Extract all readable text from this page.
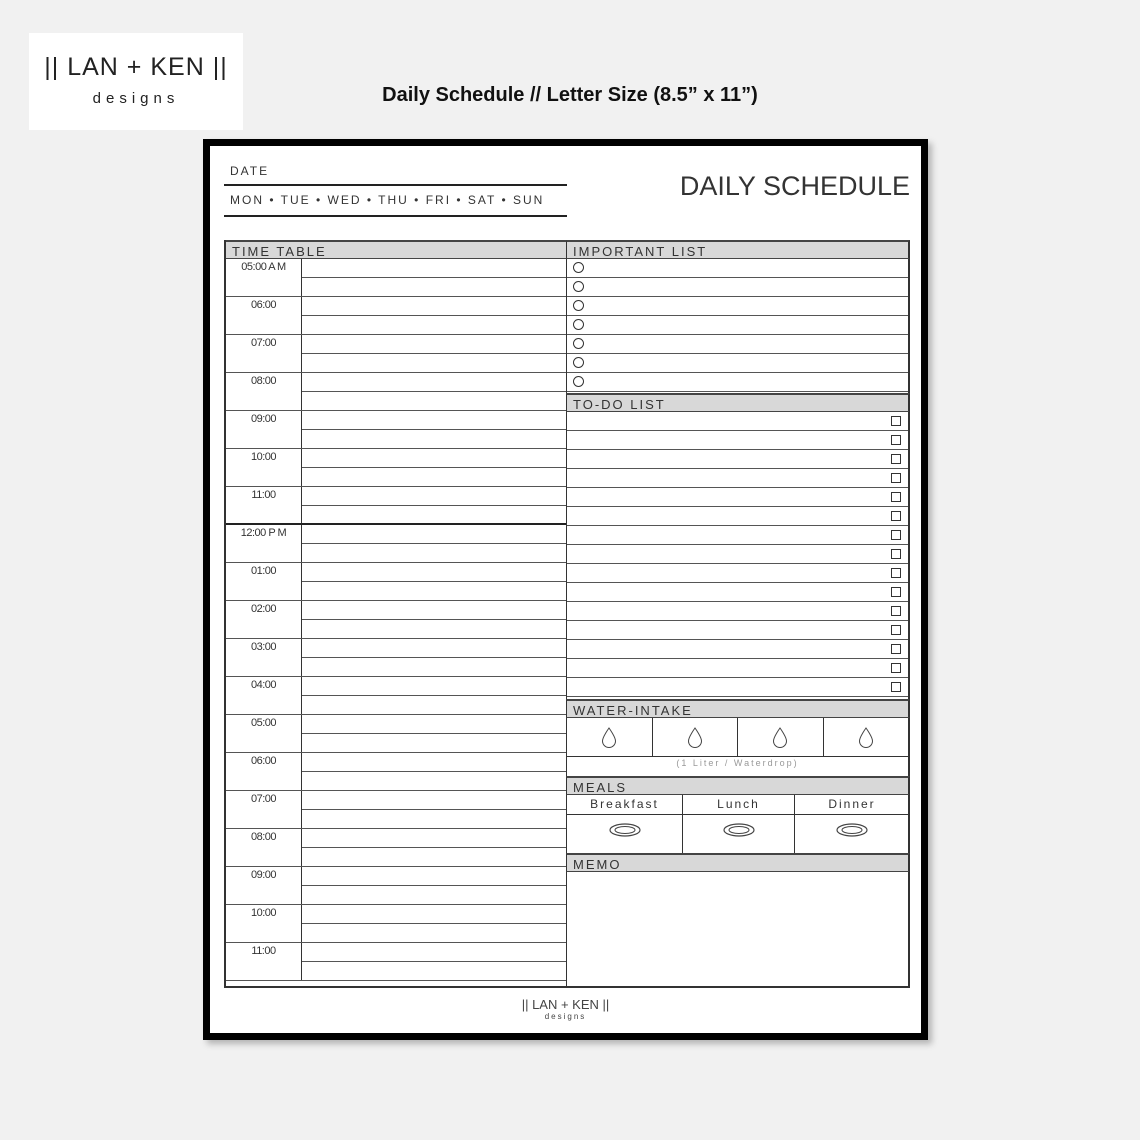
|| LAN + KEN ||
designs	Daily Schedule // Letter Size (8.5” x 11”)
DATE
MON • TUE • WED • THU • FRI • SAT • SUN	DAILY SCHEDULE
TIME TABLE
05:00 A M
06:00
07:00
08:00
09:00
10:00
11:00
12:00 P M
01:00
02:00
03:00
04:00
05:00
06:00
07:00
08:00
09:00
10:00
11:00
IMPORTANT LIST
TO-DO LIST
WATER-INTAKE
(1 Liter / Waterdrop)
MEALS
Breakfast	Lunch	Dinner
MEMO
|| LAN + KEN ||
designs
